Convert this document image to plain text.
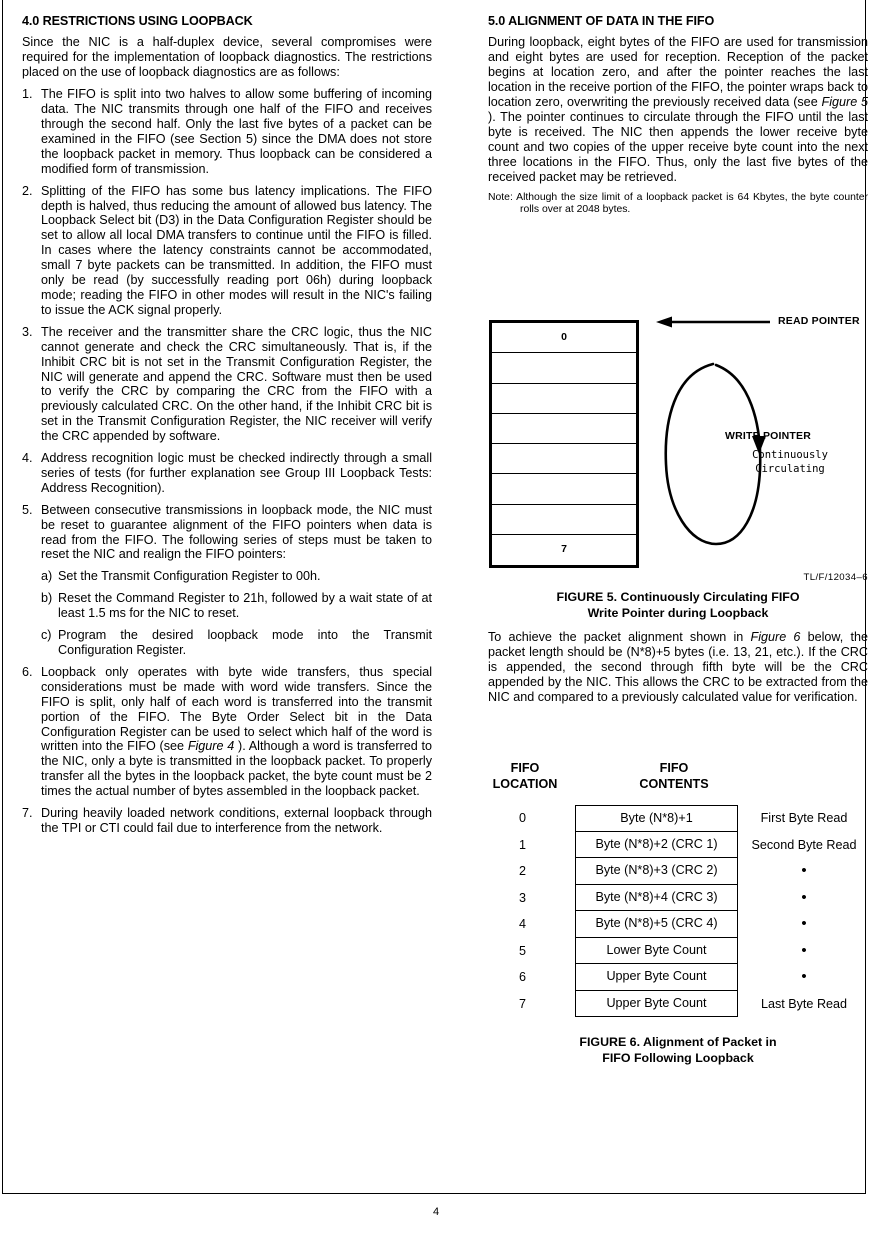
4.0 RESTRICTIONS USING LOOPBACK

Since the NIC is a half-duplex device, several compromises were required for the implementation of loopback diagnostics. The restrictions placed on the use of loopback diagnostics are as follows:

1. The FIFO is split into two halves to allow some buffering of incoming data. The NIC transmits through one half of the FIFO and receives through the second half. Only the last five bytes of a packet can be examined in the FIFO (see Section 5) since the DMA does not store the loopback packet in memory. Thus loopback can be considered a modified form of transmission.
2. Splitting of the FIFO has some bus latency implications. The FIFO depth is halved, thus reducing the amount of allowed bus latency. The Loopback Select bit (D3) in the Data Configuration Register should be set to allow all local DMA transfers to continue until the FIFO is filled. In cases where the latency constraints cannot be accommodated, small 7 byte packets can be transmitted. In addition, the FIFO must only be read (by successfully reading port 06h) during loopback mode; reading the FIFO in other modes will result in the NIC's failing to issue the ACK signal properly.
3. The receiver and the transmitter share the CRC logic, thus the NIC cannot generate and check the CRC simultaneously. That is, if the Inhibit CRC bit is not set in the Transmit Configuration Register, the NIC will generate and append the CRC. Software must then be used to verify the CRC by comparing the CRC from the FIFO with a previously calculated CRC. On the other hand, if the Inhibit CRC bit is set in the Transmit Configuration Register, the NIC receiver will verify the CRC appended by software.
4. Address recognition logic must be checked indirectly through a small series of tests (for further explanation see Group III Loopback Tests: Address Recognition).
5. Between consecutive transmissions in loopback mode, the NIC must be reset to guarantee alignment of the FIFO pointers when data is read from the FIFO. The following series of steps must be taken to reset the NIC and realign the FIFO pointers:
a) Set the Transmit Configuration Register to 00h.
b) Reset the Command Register to 21h, followed by a wait state of at least 1.5 ms for the NIC to reset.
c) Program the desired loopback mode into the Transmit Configuration Register.
6. Loopback only operates with byte wide transfers, thus special considerations must be made with word wide transfers. Since the FIFO is split, only half of each word is transferred into the transmit portion of the FIFO. The Byte Order Select bit in the Data Configuration Register can be used to select which half of the word is written into the FIFO (see Figure 4 ). Although a word is transferred to the NIC, only a byte is transmitted in the loopback packet. To properly transfer all the bytes in the loopback packet, the byte count must be 2 times the actual number of bytes assembled in the loopback packet.
7. During heavily loaded network conditions, external loopback through the TPI or CTI could fail due to interference from the network.
5.0 ALIGNMENT OF DATA IN THE FIFO

During loopback, eight bytes of the FIFO are used for transmission and eight bytes are used for reception. Reception of the packet begins at location zero, and after the pointer reaches the last location in the receive portion of the FIFO, the pointer wraps back to location zero, overwriting the previously received data (see Figure 5 ). The pointer continues to circulate through the FIFO until the last byte is received. The NIC then appends the lower receive byte count and two copies of the upper receive byte count into the next three locations in the FIFO. Thus, only the last five bytes of the received packet may be retrieved.

Note: Although the size limit of a loopback packet is 64 Kbytes, the byte counter rolls over at 2048 bytes.
0
7
READ POINTER
WRITE POINTER
Continuously
Circulating
TL/F/12034–6
FIGURE 5. Continuously Circulating FIFO
Write Pointer during Loopback

To achieve the packet alignment shown in Figure 6 below, the packet length should be (N*8)+5 bytes (i.e. 13, 21, etc.). If the CRC is appended, the second through fifth byte will be the CRC appended by the NIC. This allows the CRC to be extracted from the NIC and compared to a previously calculated value for verification.

FIFO
LOCATION
FIFO
CONTENTS
0	Byte (N*8)+1	First Byte Read
1	Byte (N*8)+2 (CRC 1)	Second Byte Read
2	Byte (N*8)+3 (CRC 2)	•
3	Byte (N*8)+4 (CRC 3)	•
4	Byte (N*8)+5 (CRC 4)	•
5	Lower Byte Count	•
6	Upper Byte Count	•
7	Upper Byte Count	Last Byte Read
FIGURE 6. Alignment of Packet in
FIFO Following Loopback
4
